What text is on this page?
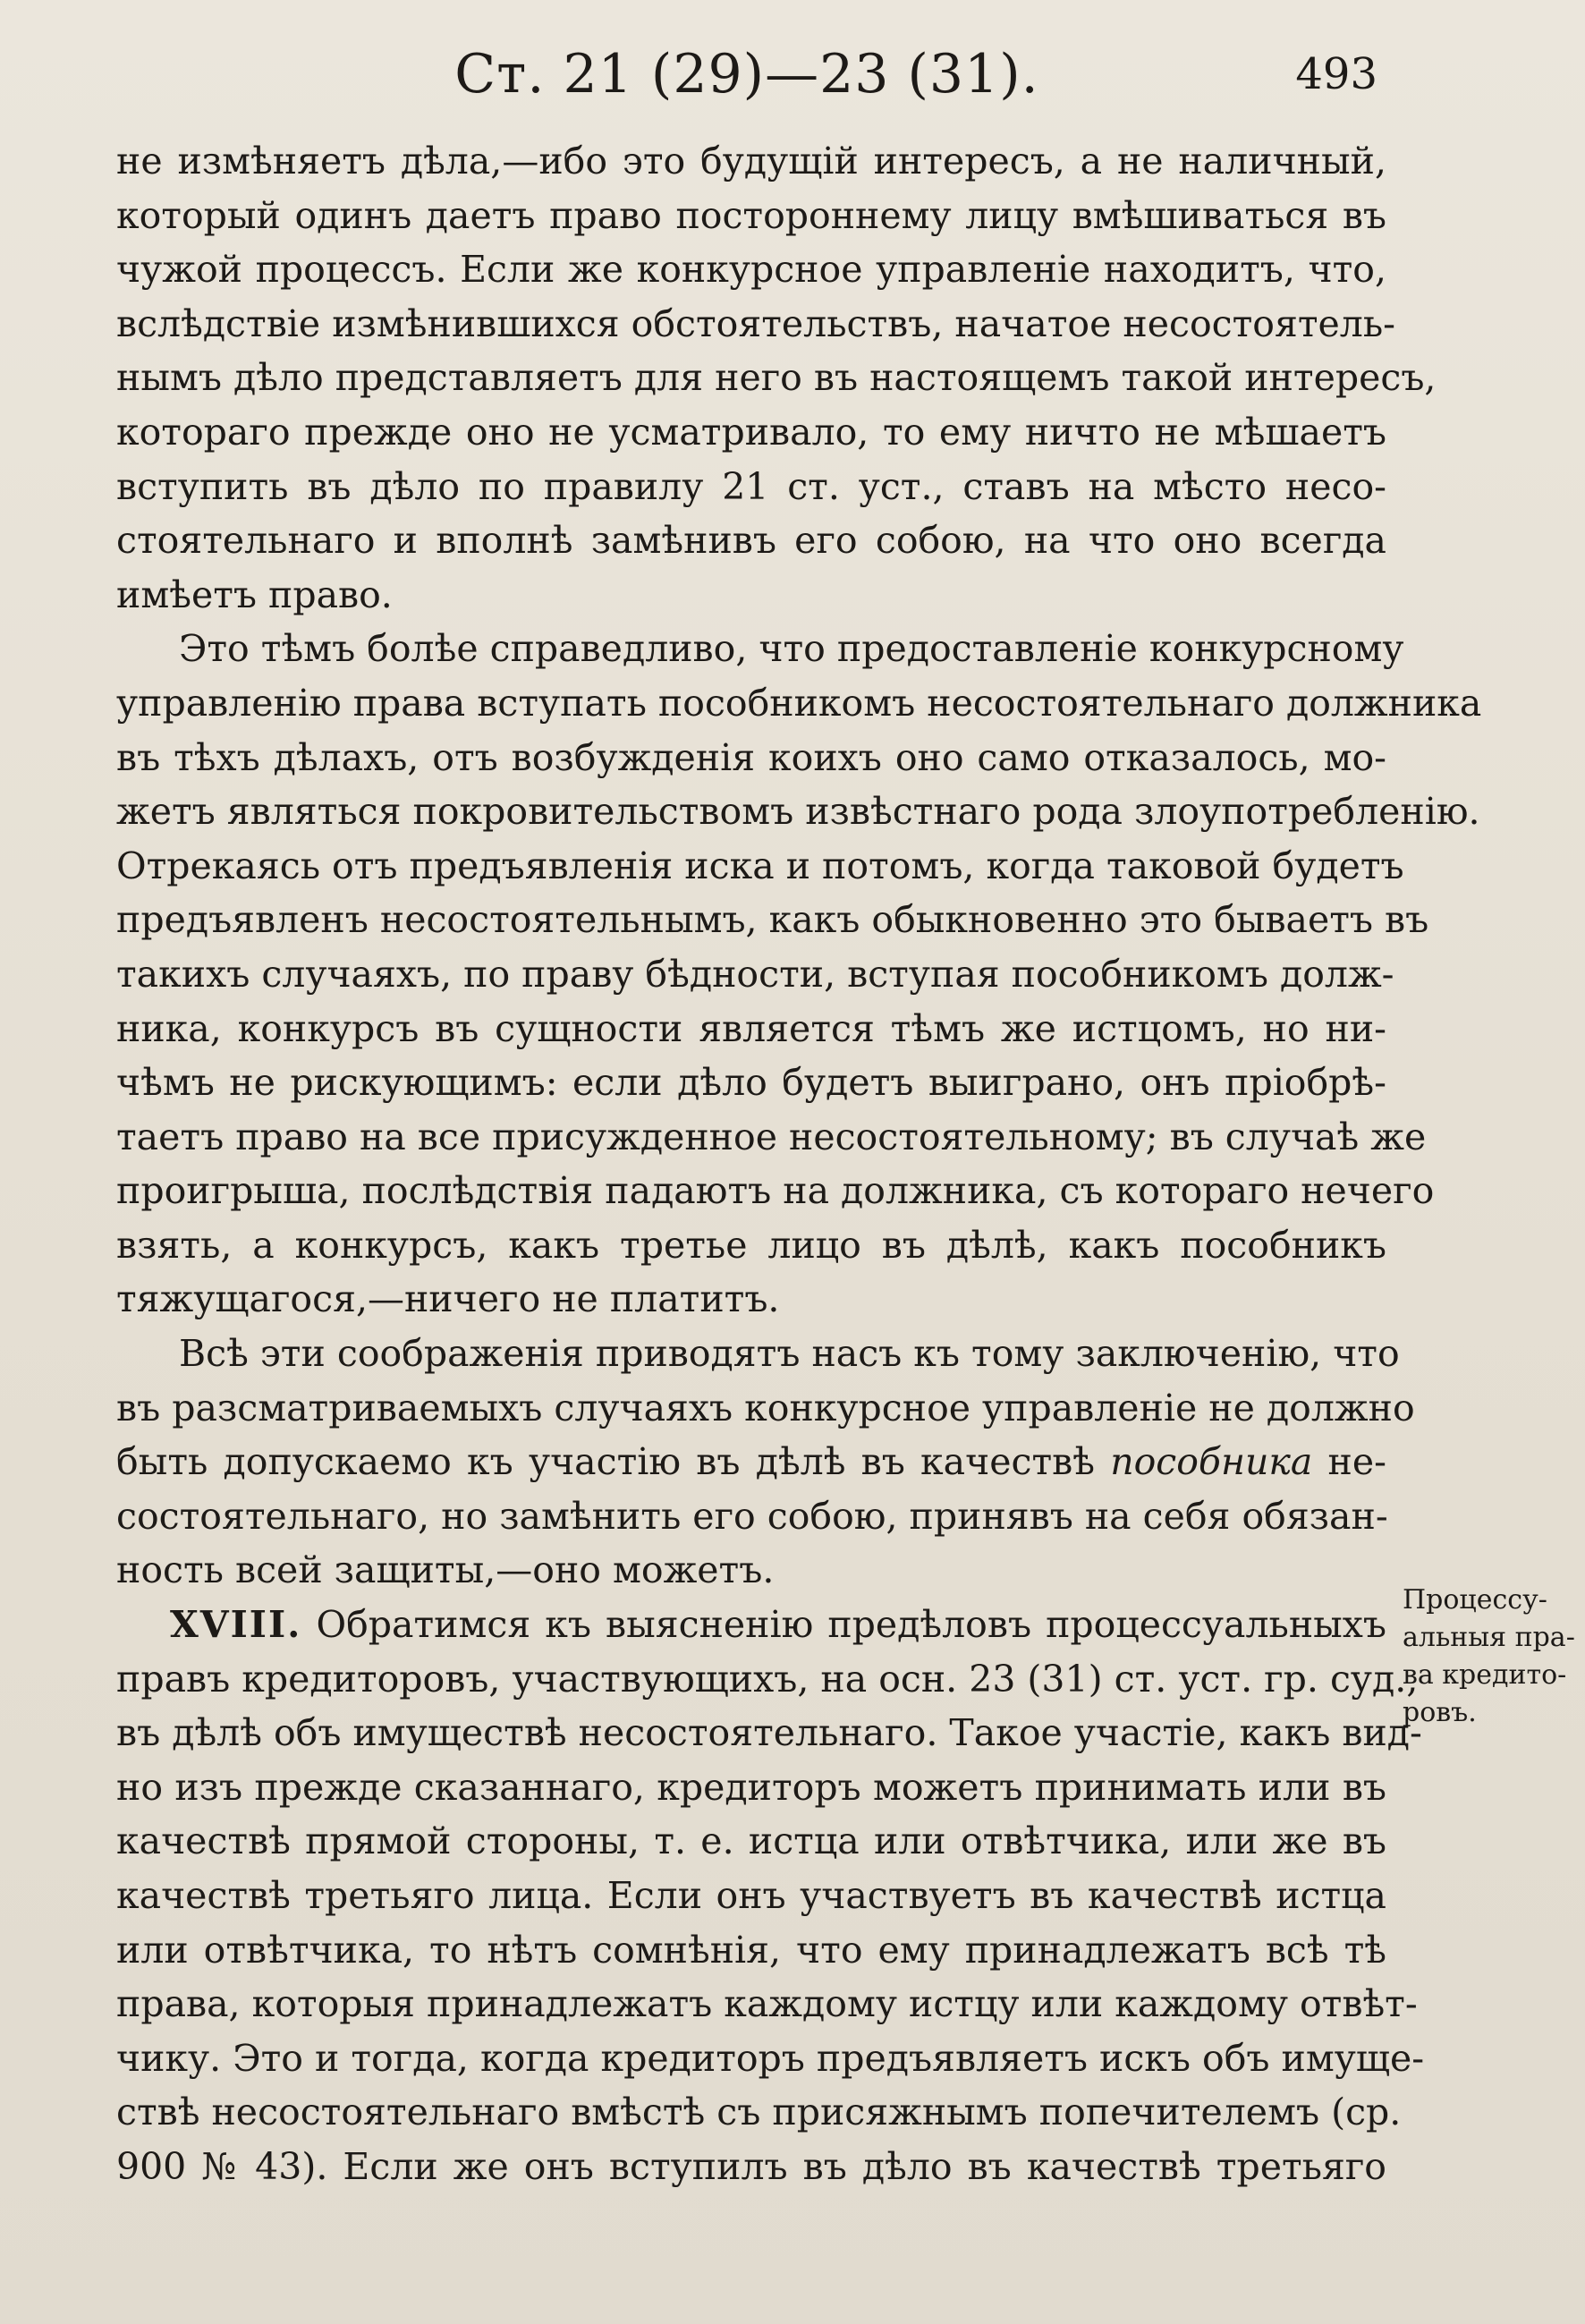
Ст. 21 (29)—23 (31).	493
не измѣняетъ дѣла,—ибо это будущій интересъ, а не наличный,
который одинъ даетъ право постороннему лицу вмѣшиваться въ
чужой процессъ. Если же конкурсное управленіе находитъ, что,
вслѣдствіе измѣнившихся обстоятельствъ, начатое несостоятель-
нымъ дѣло представляетъ для него въ настоящемъ такой интересъ,
котораго прежде оно не усматривало, то ему ничто не мѣшаетъ
вступить въ дѣло по правилу 21 ст. уст., ставъ на мѣсто несо-
стоятельнаго и вполнѣ замѣнивъ его собою, на что оно всегда
имѣетъ право.
Это тѣмъ болѣе справедливо, что предоставленіе конкурсному
управленію права вступать пособникомъ несостоятельнаго должника
въ тѣхъ дѣлахъ, отъ возбужденія коихъ оно само отказалось, мо-
жетъ являться покровительствомъ извѣстнаго рода злоупотребленію.
Отрекаясь отъ предъявленія иска и потомъ, когда таковой будетъ
предъявленъ несостоятельнымъ, какъ обыкновенно это бываетъ въ
такихъ случаяхъ, по праву бѣдности, вступая пособникомъ долж-
ника, конкурсъ въ сущности является тѣмъ же истцомъ, но ни-
чѣмъ не рискующимъ: если дѣло будетъ выиграно, онъ пріобрѣ-
таетъ право на все присужденное несостоятельному; въ случаѣ же
проигрыша, послѣдствія падаютъ на должника, съ котораго нечего
взять, а конкурсъ, какъ третье лицо въ дѣлѣ, какъ пособникъ
тяжущагося,—ничего не платитъ.
Всѣ эти соображенія приводятъ насъ къ тому заключенію, что
въ разсматриваемыхъ случаяхъ конкурсное управленіе не должно
быть допускаемо къ участію въ дѣлѣ въ качествѣ пособника не-
состоятельнаго, но замѣнить его собою, принявъ на себя обязан-
ность всей защиты,—оно можетъ.
XVIII. Обратимся къ выясненію предѣловъ процессуальныхъ
правъ кредиторовъ, участвующихъ, на осн. 23 (31) ст. уст. гр. суд.,
въ дѣлѣ объ имуществѣ несостоятельнаго. Такое участіе, какъ вид-
но изъ прежде сказаннаго, кредиторъ можетъ принимать или въ
качествѣ прямой стороны, т. е. истца или отвѣтчика, или же въ
качествѣ третьяго лица. Если онъ участвуетъ въ качествѣ истца
или отвѣтчика, то нѣтъ сомнѣнія, что ему принадлежатъ всѣ тѣ
права, которыя принадлежатъ каждому истцу или каждому отвѣт-
чику. Это и тогда, когда кредиторъ предъявляетъ искъ объ имуще-
ствѣ несостоятельнаго вмѣстѣ съ присяжнымъ попечителемъ (ср.
900 № 43). Если же онъ вступилъ въ дѣло въ качествѣ третьяго
Процессу-
альныя пра-
ва кредито-
ровъ.
